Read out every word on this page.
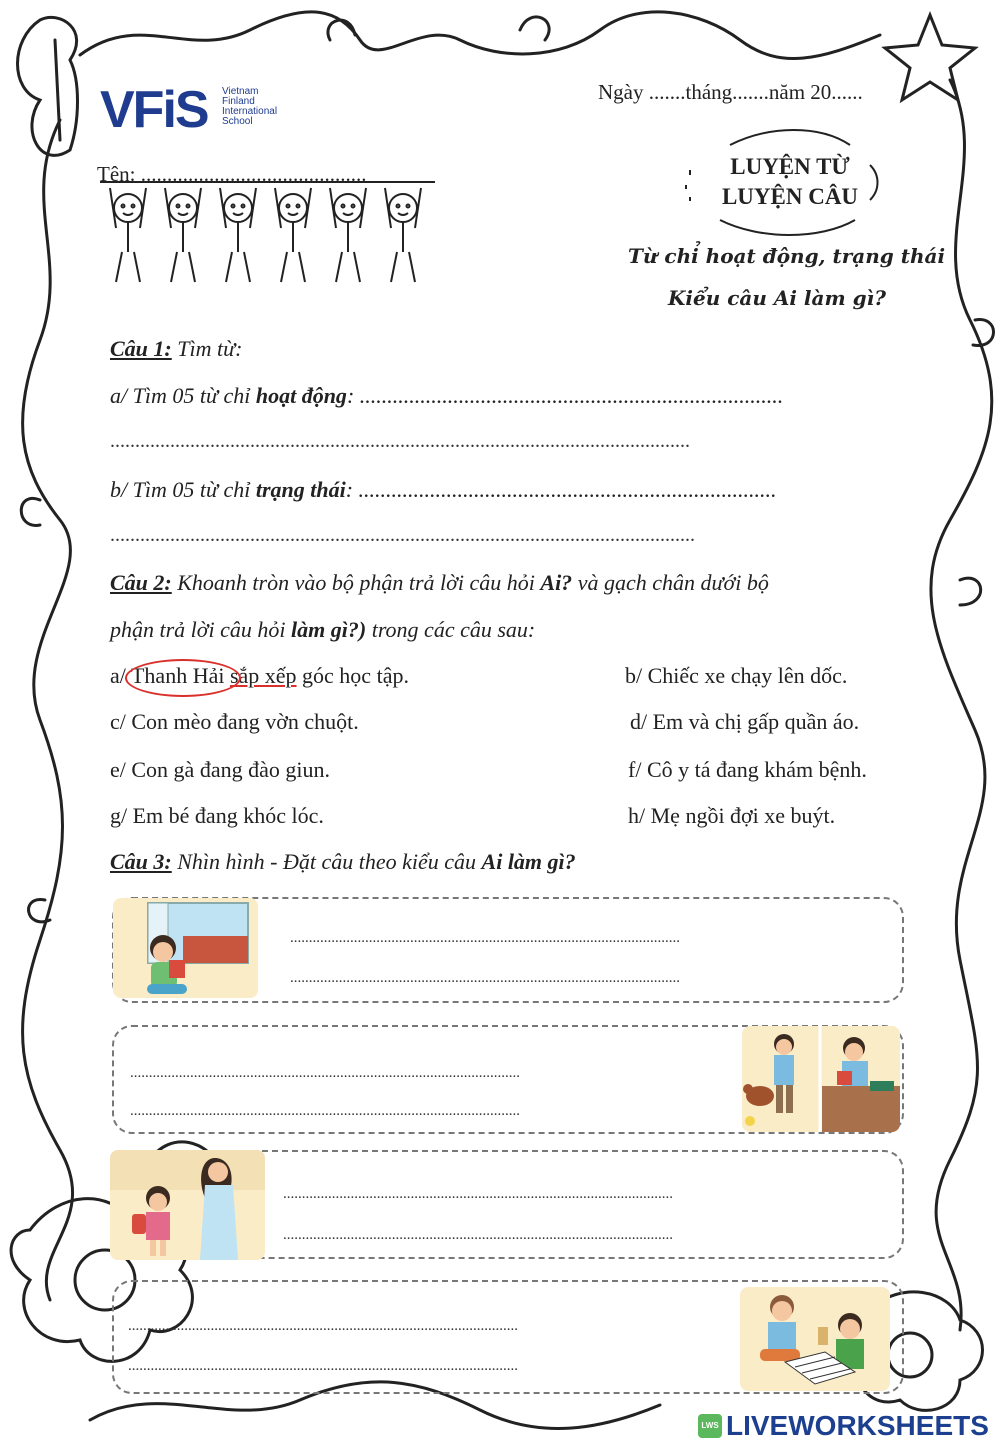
VFiS Vietnam
Finland
International
School
Ngày .......tháng.......năm 20......
Tên: ...........................................	LUYỆN TỪ
LUYỆN CÂU
Từ chỉ hoạt động, trạng thái
Kiểu câu Ai làm gì?
Câu 1: Tìm từ:
a/ Tìm 05 từ chỉ hoạt động: .............................................................................
....................................................................................................................
b/ Tìm 05 từ chỉ trạng thái: ............................................................................
.....................................................................................................................
Câu 2: Khoanh tròn vào bộ phận trả lời câu hỏi Ai? và gạch chân dưới bộ
phận trả lời câu hỏi làm gì?) trong các câu sau:
a/ Thanh Hải sắp xếp góc học tập.	b/ Chiếc xe chạy lên dốc.
c/ Con mèo đang vờn chuột.	d/ Em và chị gấp quần áo.
e/ Con gà đang đào giun.	f/ Cô y tá đang khám bệnh.
g/ Em bé đang khóc lóc.	h/ Mẹ ngồi đợi xe buýt.
Câu 3: Nhìn hình - Đặt câu theo kiểu câu Ai làm gì?
........................................................................................................
........................................................................................................
........................................................................................................
........................................................................................................
........................................................................................................
........................................................................................................
........................................................................................................
........................................................................................................
LWS LIVEWORKSHEETS
